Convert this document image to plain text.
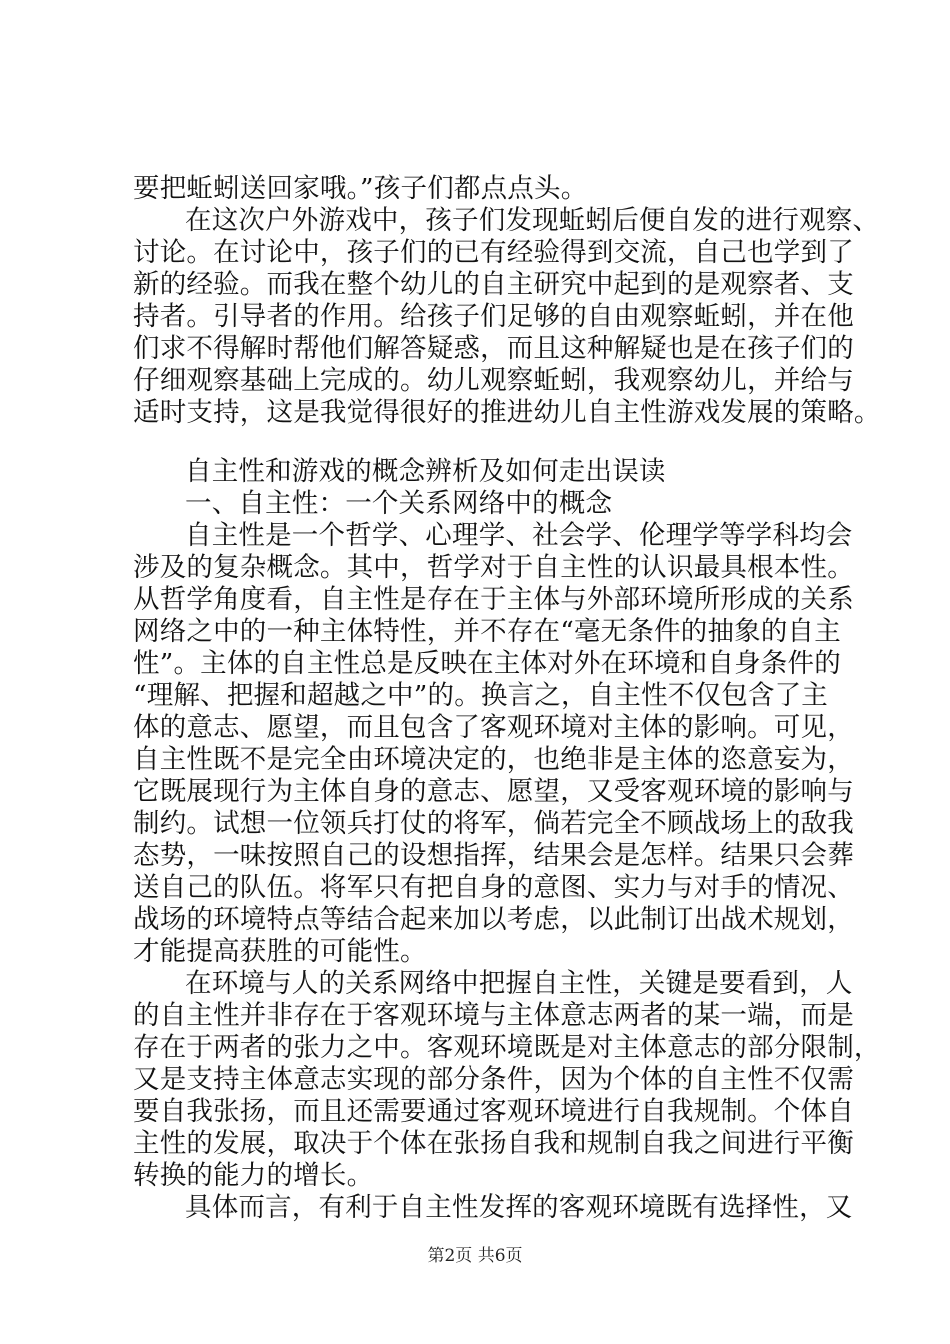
要把蚯蚓送回家哦。”孩子们都点点头。
在这次户外游戏中，孩子们发现蚯蚓后便自发的进行观察、
讨论。在讨论中，孩子们的已有经验得到交流，自己也学到了
新的经验。而我在整个幼儿的自主研究中起到的是观察者、支
持者。引导者的作用。给孩子们足够的自由观察蚯蚓，并在他
们求不得解时帮他们解答疑惑，而且这种解疑也是在孩子们的
仔细观察基础上完成的。幼儿观察蚯蚓，我观察幼儿，并给与
适时支持，这是我觉得很好的推进幼儿自主性游戏发展的策略。
自主性和游戏的概念辨析及如何走出误读
一、自主性：一个关系网络中的概念
自主性是一个哲学、心理学、社会学、伦理学等学科均会
涉及的复杂概念。其中，哲学对于自主性的认识最具根本性。
从哲学角度看，自主性是存在于主体与外部环境所形成的关系
网络之中的一种主体特性，并不存在“毫无条件的抽象的自主
性”。主体的自主性总是反映在主体对外在环境和自身条件的
“理解、把握和超越之中”的。换言之，自主性不仅包含了主
体的意志、愿望，而且包含了客观环境对主体的影响。可见，
自主性既不是完全由环境决定的，也绝非是主体的恣意妄为，
它既展现行为主体自身的意志、愿望，又受客观环境的影响与
制约。试想一位领兵打仗的将军，倘若完全不顾战场上的敌我
态势，一味按照自己的设想指挥，结果会是怎样。结果只会葬
送自己的队伍。将军只有把自身的意图、实力与对手的情况、
战场的环境特点等结合起来加以考虑，以此制订出战术规划，
才能提高获胜的可能性。
在环境与人的关系网络中把握自主性，关键是要看到，人
的自主性并非存在于客观环境与主体意志两者的某一端，而是
存在于两者的张力之中。客观环境既是对主体意志的部分限制，
又是支持主体意志实现的部分条件，因为个体的自主性不仅需
要自我张扬，而且还需要通过客观环境进行自我规制。个体自
主性的发展，取决于个体在张扬自我和规制自我之间进行平衡
转换的能力的增长。
具体而言，有利于自主性发挥的客观环境既有选择性，又
第2页 共6页
